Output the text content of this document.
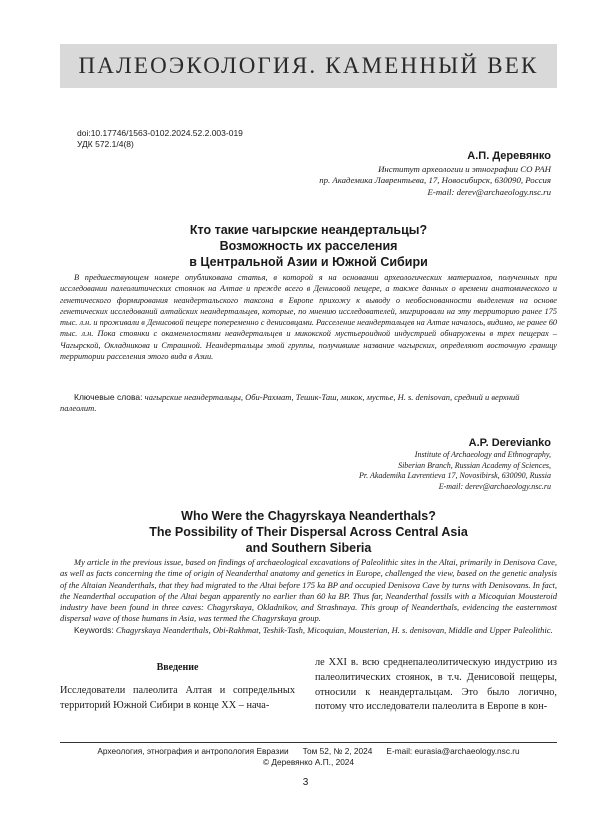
ПАЛЕОЭКОЛОГИЯ. КАМЕННЫЙ ВЕК
doi:10.17746/1563-0102.2024.52.2.003-019
УДК 572.1/4(8)
А.П. Деревянко
Институт археологии и этнографии СО РАН
пр. Академика Лаврентьева, 17, Новосибирск, 630090, Россия
E-mail: derev@archaeology.nsc.ru
Кто такие чагырские неандертальцы?
Возможность их расселения
в Центральной Азии и Южной Сибири
В предшествующем номере опубликована статья, в которой я на основании археологических материалов, полученных при исследовании палеолитических стоянок на Алтае и прежде всего в Денисовой пещере, а также данных о времени анатомического и генетического формирования неандертальского таксона в Европе прихожу к выводу о необоснованности выделения на основе генетических исследований алтайских неандертальцев, которые, по мнению исследователей, мигрировали на эту территорию ранее 175 тыс. л.н. и проживали в Денисовой пещере попеременно с денисовцами. Расселение неандертальцев на Алтае началось, видимо, не ранее 60 тыс. л.н. Пока стоянки с окаменелостями неандертальцев и микокской мустьероидной индустрией обнаружены в трех пещерах – Чагырской, Окладникова и Страшной. Неандертальцы этой группы, получившие название чагырских, определяют восточную границу территории расселения этого вида в Азии.
Ключевые слова: чагырские неандертальцы, Оби-Рахмат, Тешик-Таш, микок, мустье, H. s. denisovan, средний и верхний палеолит.
A.P. Derevianko
Institute of Archaeology and Ethnography,
Siberian Branch, Russian Academy of Sciences,
Pr. Akademika Lavrentieva 17, Novosibirsk, 630090, Russia
E-mail: derev@archaeology.nsc.ru
Who Were the Chagyrskaya Neanderthals?
The Possibility of Their Dispersal Across Central Asia
and Southern Siberia
My article in the previous issue, based on findings of archaeological excavations of Paleolithic sites in the Altai, primarily in Denisova Cave, as well as facts concerning the time of origin of Neanderthal anatomy and genetics in Europe, challenged the view, based on the genetic analysis of the Altaian Neanderthals, that they had migrated to the Altai before 175 ka BP and occupied Denisova Cave by turns with Denisovans. In fact, the Neanderthal occupation of the Altai began apparently no earlier than 60 ka BP. Thus far, Neanderthal fossils with a Micoquian Mousteroid industry have been found in three caves: Chagyrskaya, Okladnikov, and Strashnaya. This group of Neanderthals, evidencing the easternmost dispersal wave of those humans in Asia, was termed the Chagyrskaya group.
Keywords: Chagyrskaya Neanderthals, Obi-Rakhmat, Teshik-Tash, Micoquian, Mousterian, H. s. denisovan, Middle and Upper Paleolithic.
Введение
Исследователи палеолита Алтая и сопредельных территорий Южной Сибири в конце ХХ – нача-
ле XXI в. всю среднепалеолитическую индустрию из палеолитических стоянок, в т.ч. Денисовой пещеры, относили к неандертальцам. Это было логично, потому что исследователи палеолита в Европе в кон-
Археология, этнография и антропология Евразии Том 52, № 2, 2024 E-mail: eurasia@archaeology.nsc.ru
© Деревянко А.П., 2024
3
